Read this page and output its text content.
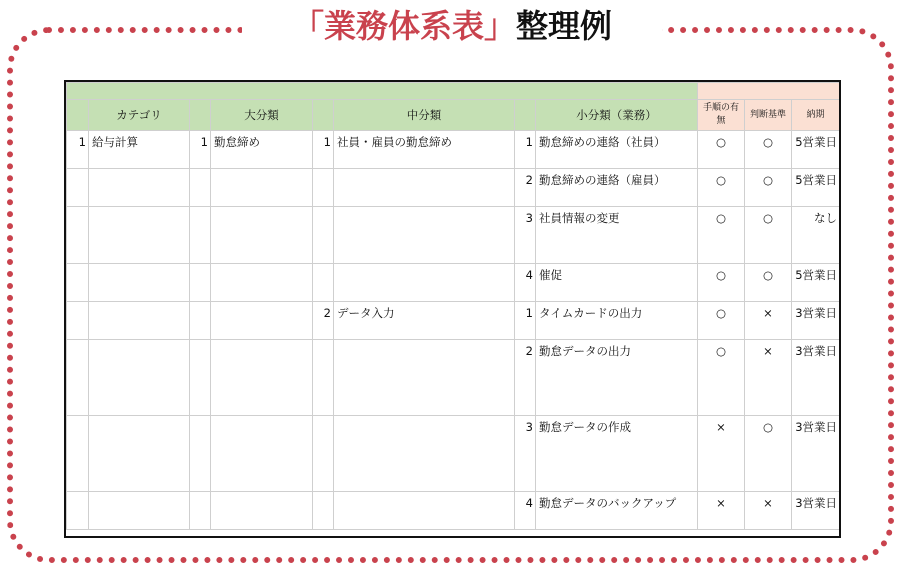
「業務体系表」整理例

	カテゴリ		大分類		中分類		小分類（業務）	手順の有無	判断基準	納期
1	給与計算	1	勤怠締め	1	社員・雇員の勤怠締め	1	勤怠締めの連絡（社員）	○	○	5営業日
						2	勤怠締めの連絡（雇員）	○	○	5営業日
						3	社員情報の変更	○	○	なし
						4	催促	○	○	5営業日
				2	データ入力	1	タイムカードの出力	○	×	3営業日
						2	勤怠データの出力	○	×	3営業日
						3	勤怠データの作成	×	○	3営業日
						4	勤怠データのバックアップ	×	×	3営業日
